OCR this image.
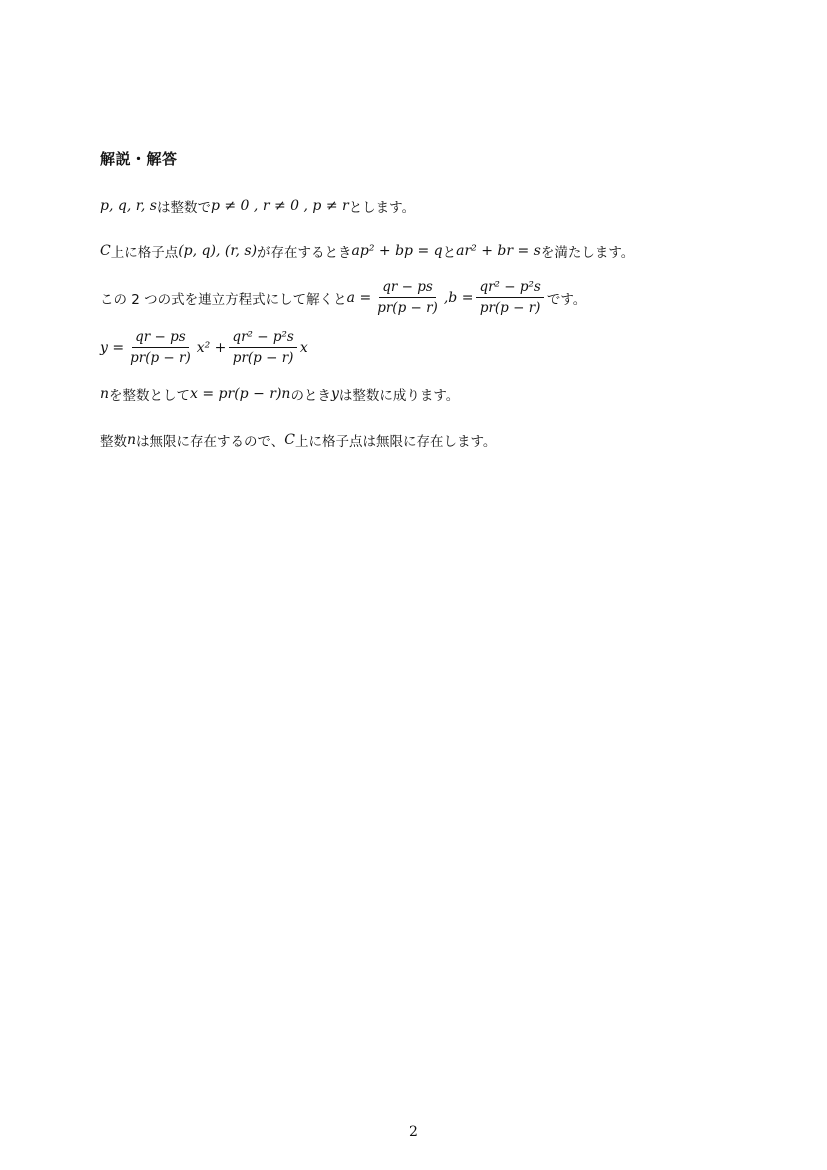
解説・解答
p, q, r, s は整数で p ≠ 0 , r ≠ 0 , p ≠ r とします。
C 上に格子点 (p, q), (r, s) が存在するとき ap² + bp = q と ar² + br = s を満たします。
この 2 つの式を連立方程式にして解くと $a = \frac{qr - ps}{pr(p - r)}$ , $b = \frac{\text{qr² − p²s}}{pr(p - r)}$ です。
$y = \frac{qr - ps}{pr(p - r)} x^2 + \frac{\text{qr² − p²s}}{pr(p - r)}$ x
n を整数として x = pr(p − r)n のとき y は整数に成ります。
整数 n は無限に存在するので、 C 上に格子点は無限に存在します。
2
